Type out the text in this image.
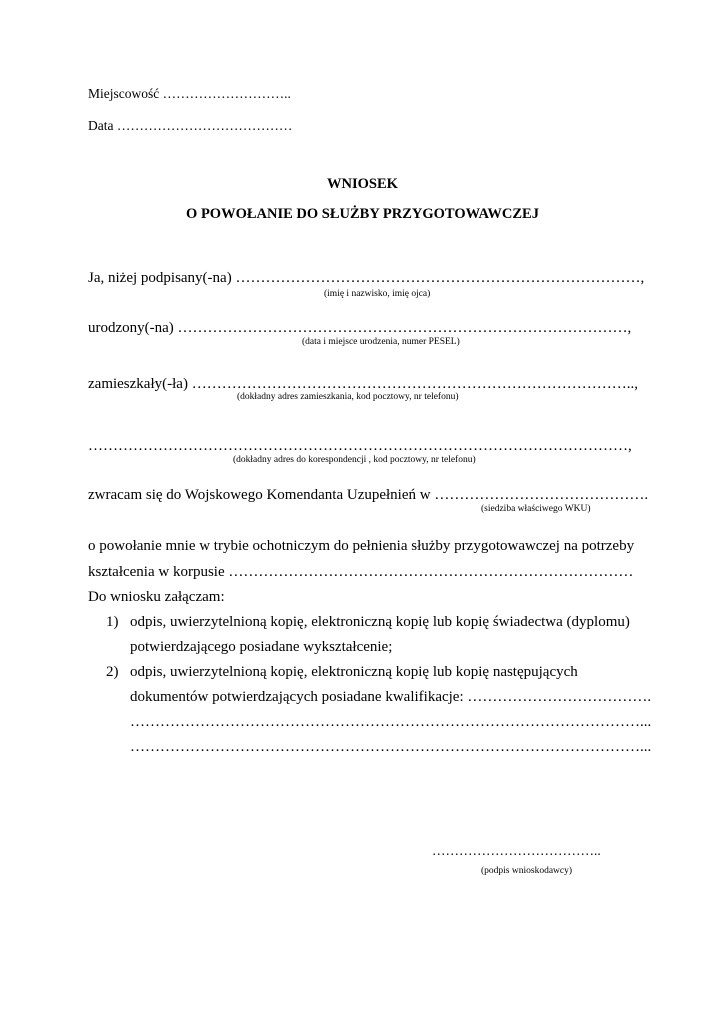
Miejscowość ………………………..
Data …………………………………
WNIOSEK
O POWOŁANIE DO SŁUŻBY PRZYGOTOWAWCZEJ
Ja, niżej podpisany(-na) ………………………………………………………………………,
(imię i nazwisko, imię ojca)
urodzony(-na) ………………………………………………………………………………,
(data i miejsce urodzenia, numer PESEL)
zamieszkały(-ła) ……………………………………………………………………………..,
(dokładny adres zamieszkania, kod pocztowy, nr telefonu)
………………………………………………………………………………………………,
(dokładny adres do korespondencji , kod pocztowy, nr telefonu)
zwracam się do Wojskowego Komendanta Uzupełnień w …………………………………….
(siedziba właściwego WKU)
o powołanie mnie w trybie ochotniczym do pełnienia służby przygotowawczej na potrzeby
kształcenia w korpusie ………………………………………………………………………
Do wniosku załączam:
1) odpis, uwierzytelnioną kopię, elektroniczną kopię lub kopię świadectwa (dyplomu)
potwierdzającego posiadane wykształcenie;
2) odpis, uwierzytelnioną kopię, elektroniczną kopię lub kopię następujących
dokumentów potwierdzających posiadane kwalifikacje: ……………………………….
…………………………………………………………………………………………...
…………………………………………………………………………………………...
………………………………..
(podpis wnioskodawcy)
